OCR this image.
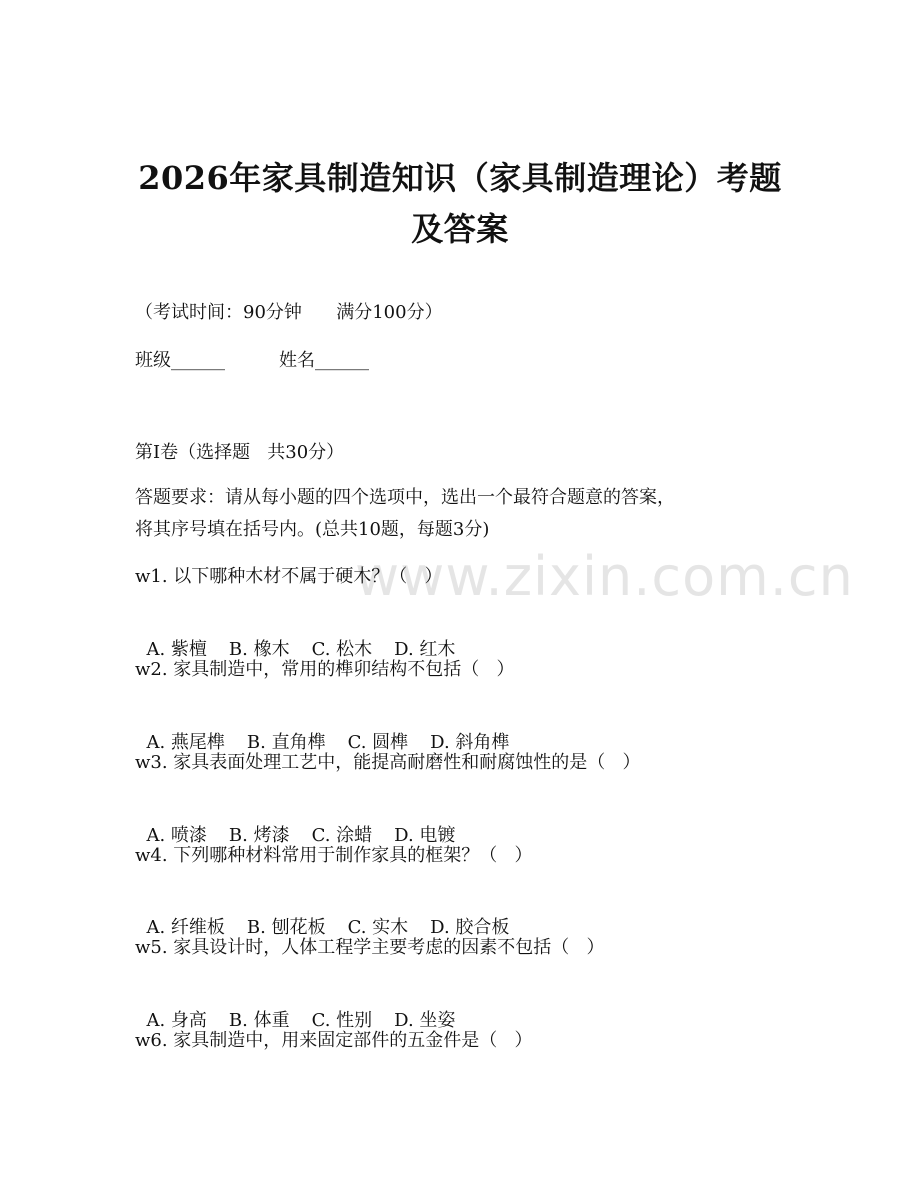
2026年家具制造知识（家具制造理论）考题
及答案
（考试时间：90分钟      满分100分）
班级______	姓名______
第Ⅰ卷（选择题   共30分）
答题要求：请从每小题的四个选项中，选出一个最符合题意的答案，
将其序号填在括号内。(总共10题，每题3分)
www.zixin.com.cn
w1. 以下哪种木材不属于硬木？（   ）

A. 紫檀 B. 橡木 C. 松木 D. 红木

w2. 家具制造中，常用的榫卯结构不包括（   ）

A. 燕尾榫 B. 直角榫 C. 圆榫 D. 斜角榫

w3. 家具表面处理工艺中，能提高耐磨性和耐腐蚀性的是（   ）

A. 喷漆 B. 烤漆 C. 涂蜡 D. 电镀

w4. 下列哪种材料常用于制作家具的框架？（   ）

A. 纤维板 B. 刨花板 C. 实木 D. 胶合板

w5. 家具设计时，人体工程学主要考虑的因素不包括（   ）

A. 身高 B. 体重 C. 性别 D. 坐姿

w6. 家具制造中，用来固定部件的五金件是（   ）
